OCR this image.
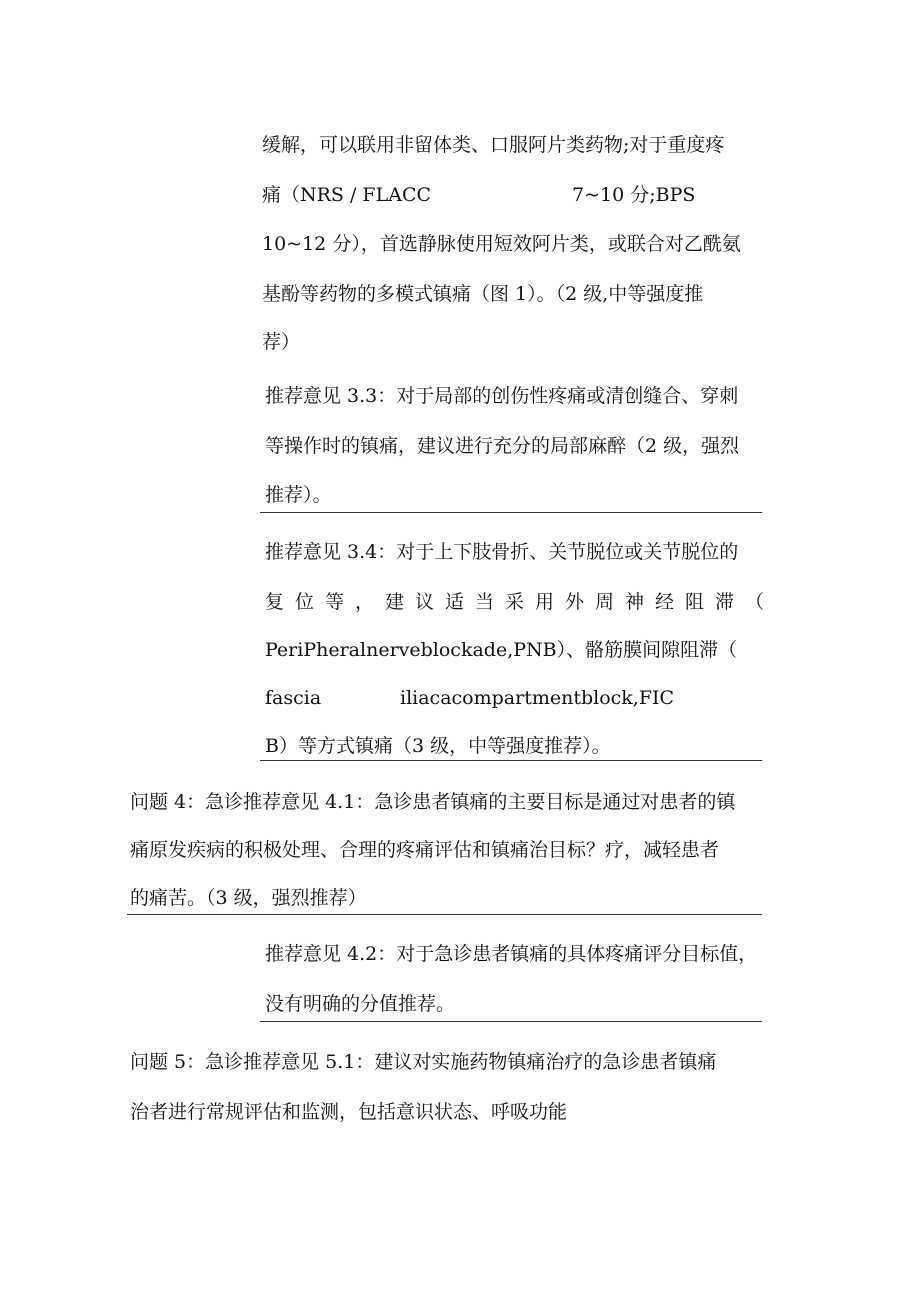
缓解，可以联用非留体类、口服阿片类药物;对于重度疼

痛（NRS / FLACC	7~10 分;BPS

10~12 分），首选静脉使用短效阿片类，或联合对乙酰氨

基酚等药物的多模式镇痛（图 1）。（2 级,中等强度推

荐）

推荐意见 3.3：对于局部的创伤性疼痛或清创缝合、穿刺

等操作时的镇痛，建议进行充分的局部麻醉（2 级，强烈

推荐）。

推荐意见 3.4：对于上下肢骨折、关节脱位或关节脱位的

复位等，建议适当采用外周神经阻滞（

PeriPheralnerveblockade,PNB）、骼筋膜间隙阻滞（

fascia	iliacacompartmentblock,FIC

B）等方式镇痛（3 级，中等强度推荐）。

问题 4：急诊推荐意见 4.1：急诊患者镇痛的主要目标是通过对患者的镇

痛原发疾病的积极处理、合理的疼痛评估和镇痛治目标？疗，减轻患者

的痛苦。（3 级，强烈推荐）

推荐意见 4.2：对于急诊患者镇痛的具体疼痛评分目标值，

没有明确的分值推荐。

问题 5：急诊推荐意见 5.1：建议对实施药物镇痛治疗的急诊患者镇痛

治者进行常规评估和监测，包括意识状态、呼吸功能
